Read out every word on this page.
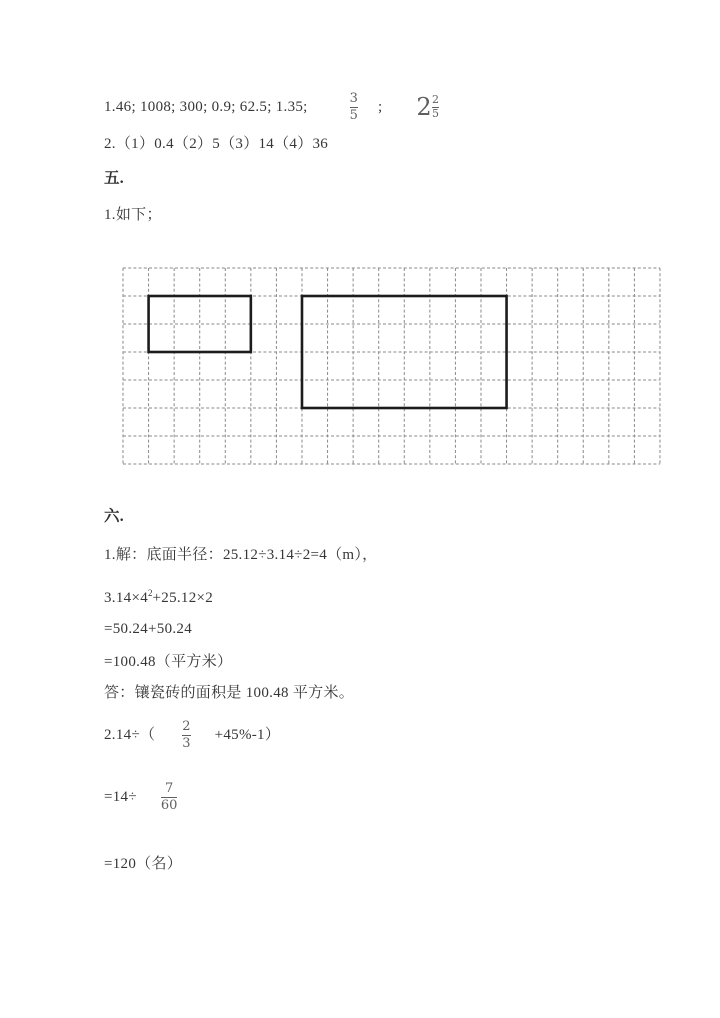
1.46; 1008; 300; 0.9; 62.5; 1.35;	$\frac{3}{5}$ ; $2 \frac{2}{5}$
2.（1）0.4（2）5（3）14（4）36
五.
1.如下；
六.
1.解：底面半径：25.12÷3.14÷2=4（m），
$3.14\times 4^2+25.12\times 2$
=50.24+50.24
=100.48（平方米）
答：镶瓷砖的面积是 100.48 平方米。
$2.14\div( \frac{2}{3} +45\%-1)$
$=14\div \frac{7}{60}$
=120（名）
